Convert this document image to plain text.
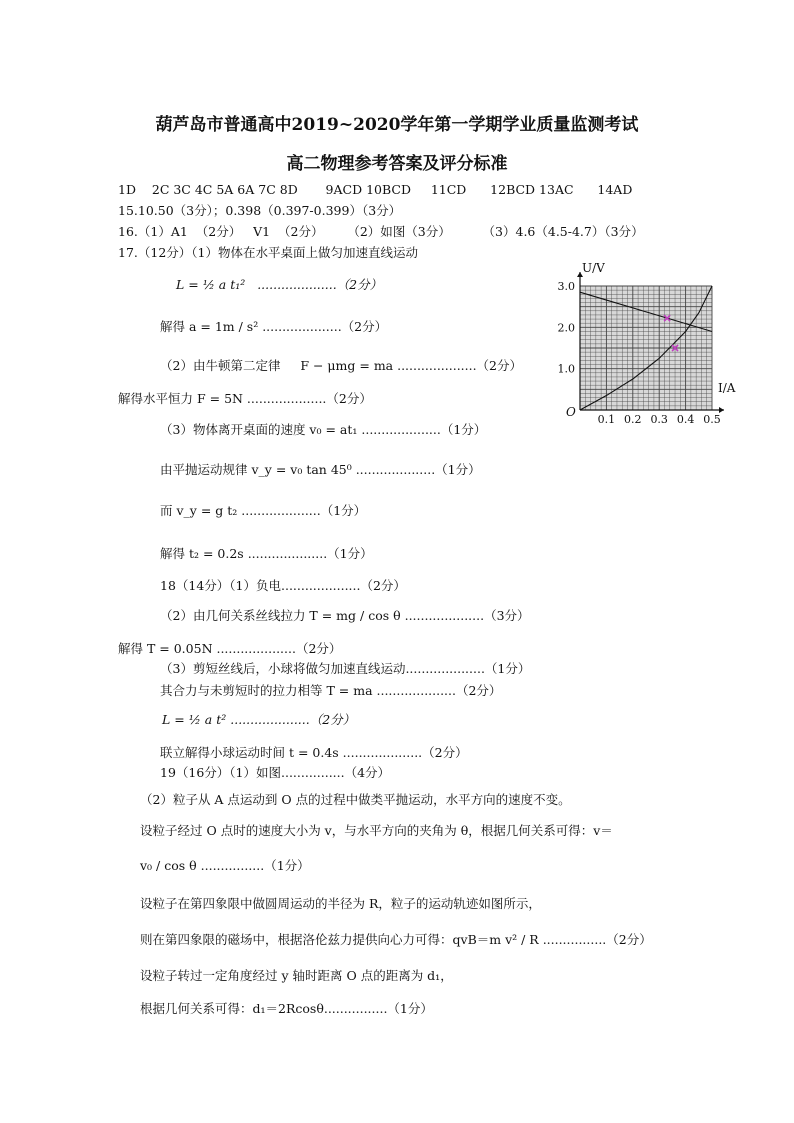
葫芦岛市普通高中2019~2020学年第一学期学业质量监测考试
高二物理参考答案及评分标准
1D    2C 3C 4C 5A 6A 7C 8D       9ACD 10BCD     11CD      12BCD 13AC      14AD
15.10.50（3分）；0.398（0.397-0.399）（3分）
16.（1）A1  （2分）   V1  （2分）      （2）如图（3分）        （3）4.6（4.5-4.7）（3分）
17.（12分）（1）物体在水平桌面上做匀加速直线运动
L = ½ a t₁²   ....................（2分）
解得 a = 1m / s² ....................（2分）
（2）由牛顿第二定律     F − μmg = ma ....................（2分）
解得水平恒力 F = 5N ....................（2分）
（3）物体离开桌面的速度 v₀ = at₁ ....................（1分）
由平抛运动规律 v_y = v₀ tan 45⁰ ....................（1分）
而 v_y = g t₂ ....................（1分）
解得 t₂ = 0.2s ....................（1分）
18（14分）（1）负电....................（2分）
（2）由几何关系丝线拉力 T = mg / cos θ ....................（3分）
解得 T = 0.05N ....................（2分）
（3）剪短丝线后，小球将做匀加速直线运动....................（1分）
其合力与未剪短时的拉力相等 T = ma ....................（2分）
L = ½ a t² ....................（2分）
联立解得小球运动时间 t = 0.4s ....................（2分）
19（16分）（1）如图................（4分）
（2）粒子从 A 点运动到 O 点的过程中做类平抛运动，水平方向的速度不变。
设粒子经过 O 点时的速度大小为 v，与水平方向的夹角为 θ，根据几何关系可得：v＝
v₀ / cos θ ................（1分）
设粒子在第四象限中做圆周运动的半径为 R，粒子的运动轨迹如图所示，
则在第四象限的磁场中，根据洛伦兹力提供向心力可得：qvB＝m v² / R ................（2分）
设粒子转过一定角度经过 y 轴时距离 O 点的距离为 d₁，
根据几何关系可得：d₁＝2Rcosθ................（1分）
0.1 0.2 0.3 0.4 0.5
1.0
2.0
3.0
O
I/A
U/V
